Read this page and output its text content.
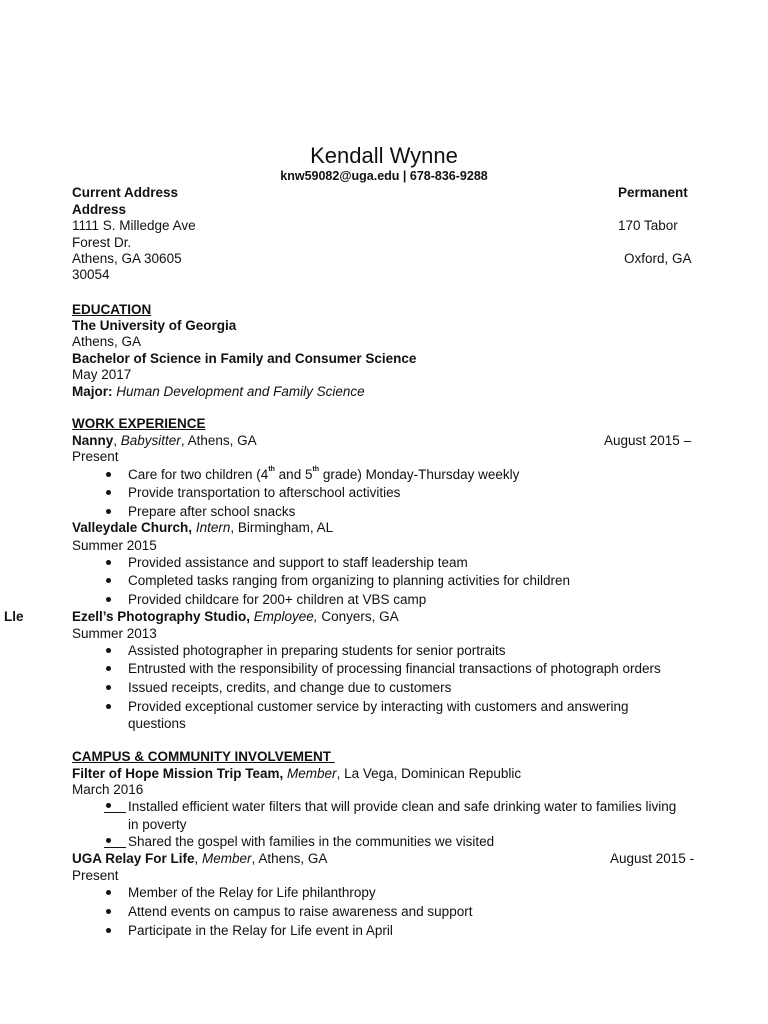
Kendall Wynne
knw59082@uga.edu | 678-836-9288
Current Address	Permanent
Address
1111 S. Milledge Ave	170 Tabor
Forest Dr.
Athens, GA 30605	Oxford, GA
30054
EDUCATION
The University of Georgia
Athens, GA
Bachelor of Science in Family and Consumer Science
May 2017
Major: Human Development and Family Science
WORK EXPERIENCE
Nanny, Babysitter, Athens, GA	August 2015 –
Present
Care for two children (4th and 5th grade) Monday-Thursday weekly
Provide transportation to afterschool activities
Prepare after school snacks
Valleydale Church, Intern, Birmingham, AL
Summer 2015
Provided assistance and support to staff leadership team
Completed tasks ranging from organizing to planning activities for children
Provided childcare for 200+ children at VBS camp
Lle	Ezell’s Photography Studio, Employee, Conyers, GA
Summer 2013
Assisted photographer in preparing students for senior portraits
Entrusted with the responsibility of processing financial transactions of photograph orders
Issued receipts, credits, and change due to customers
Provided exceptional customer service by interacting with customers and answering
questions
CAMPUS & COMMUNITY INVOLVEMENT
Filter of Hope Mission Trip Team, Member, La Vega, Dominican Republic
March 2016
Installed efficient water filters that will provide clean and safe drinking water to families living
in poverty
Shared the gospel with families in the communities we visited
UGA Relay For Life, Member, Athens, GA	August 2015 -
Present
Member of the Relay for Life philanthropy
Attend events on campus to raise awareness and support
Participate in the Relay for Life event in April
